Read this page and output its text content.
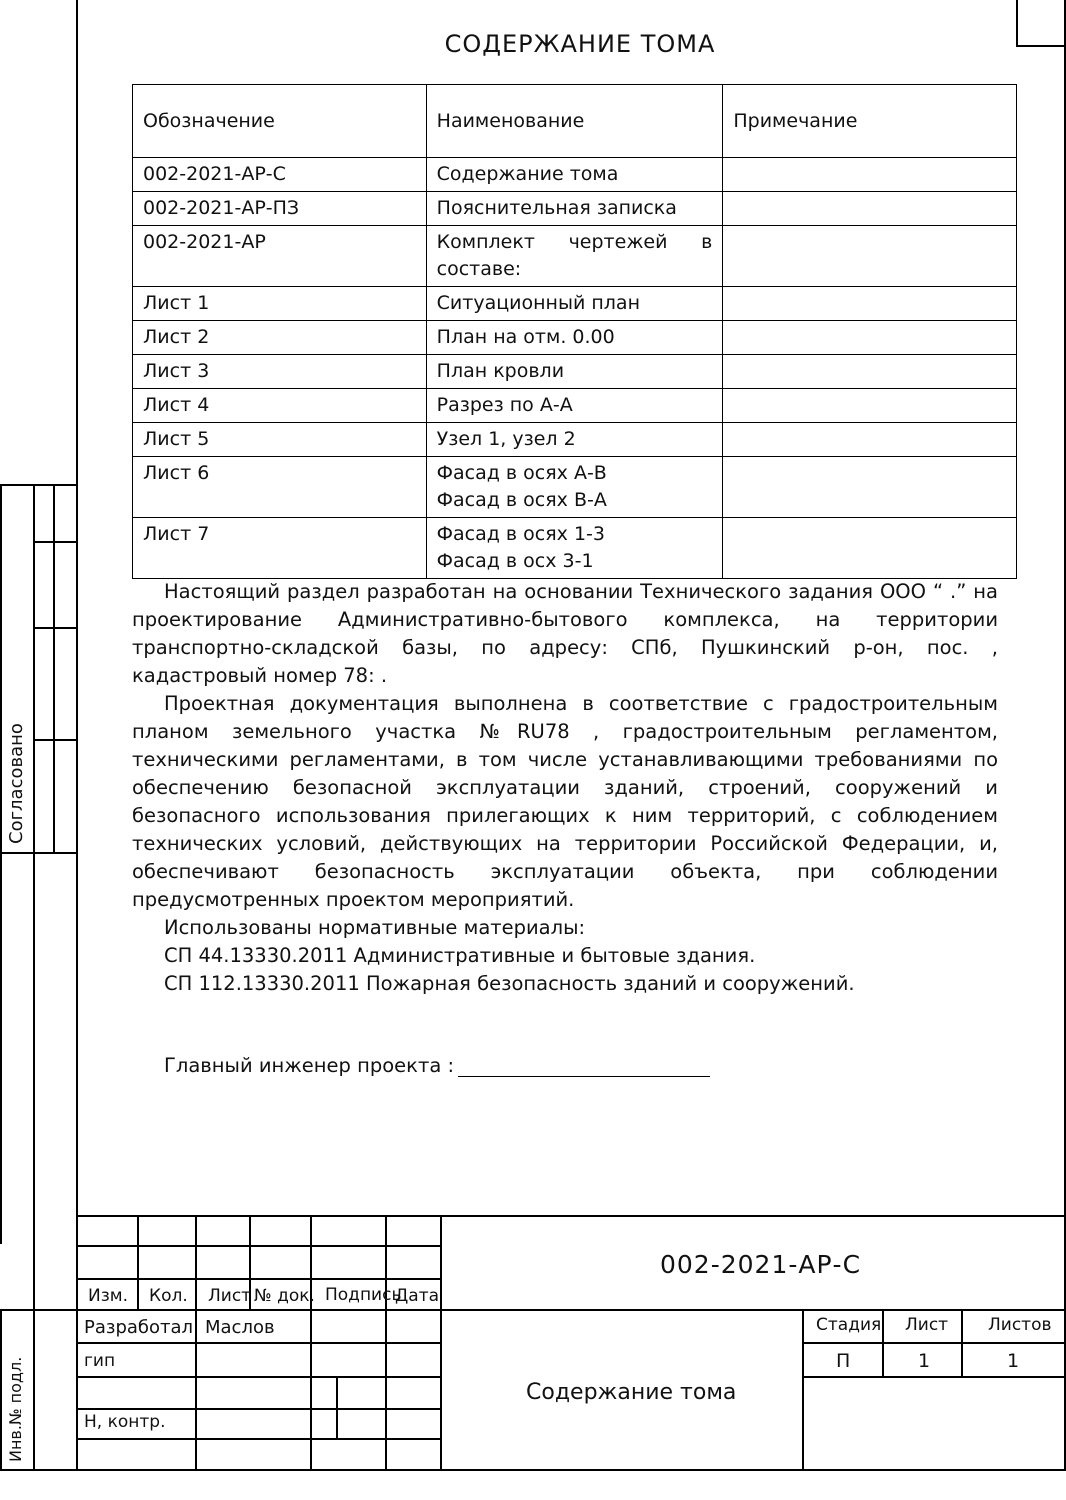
СОДЕРЖАНИЕ ТОМА
Обозначение	Наименование	Примечание
002-2021-АР-С	Содержание тома	
002-2021-АР-ПЗ	Пояснительная записка	
002-2021-АР	Комплект чертежей в составе:	
Лист 1	Ситуационный план	
Лист 2	План на отм. 0.00	
Лист 3	План кровли	
Лист 4	Разрез по А-А	
Лист 5	Узел 1, узел 2	
Лист 6	Фасад в осях А-В
Фасад в осях В-А	

Лист 7	Фасад в осях 1-3
Фасад в осх 3-1	

Настоящий раздел разработан на основании Технического задания ООО “ .” на проектирование Административно-бытового комплекса, на территории транспортно-складской базы, по адресу: СПб, Пушкинский р-он, пос. , кадастровый номер 78: .

Проектная документация выполнена в соответствие с градостроительным планом земельного участка №RU78 , градостроительным регламентом, техническими регламентами, в том числе устанавливающими требованиями по обеспечению безопасной эксплуатации зданий, строений, сооружений и безопасного использования прилегающих к ним территорий, с соблюдением технических условий, действующих на территории Российской Федерации, и, обеспечивают безопасность эксплуатации объекта, при соблюдении предусмотренных проектом мероприятий.

Использованы нормативные материалы:

СП 44.13330.2011 Административные и бытовые здания.

СП 112.13330.2011 Пожарная безопасность зданий и сооружений.

Главный инженер проекта :
Согласовано
Инв.№ подл.
Изм. Кол. Лист № док. Подпись
Дата
002-2021-АР-С
Разработал Маслов
гип
Н, контр.
Содержание тома
Стадия Лист Листов
П	1	1
